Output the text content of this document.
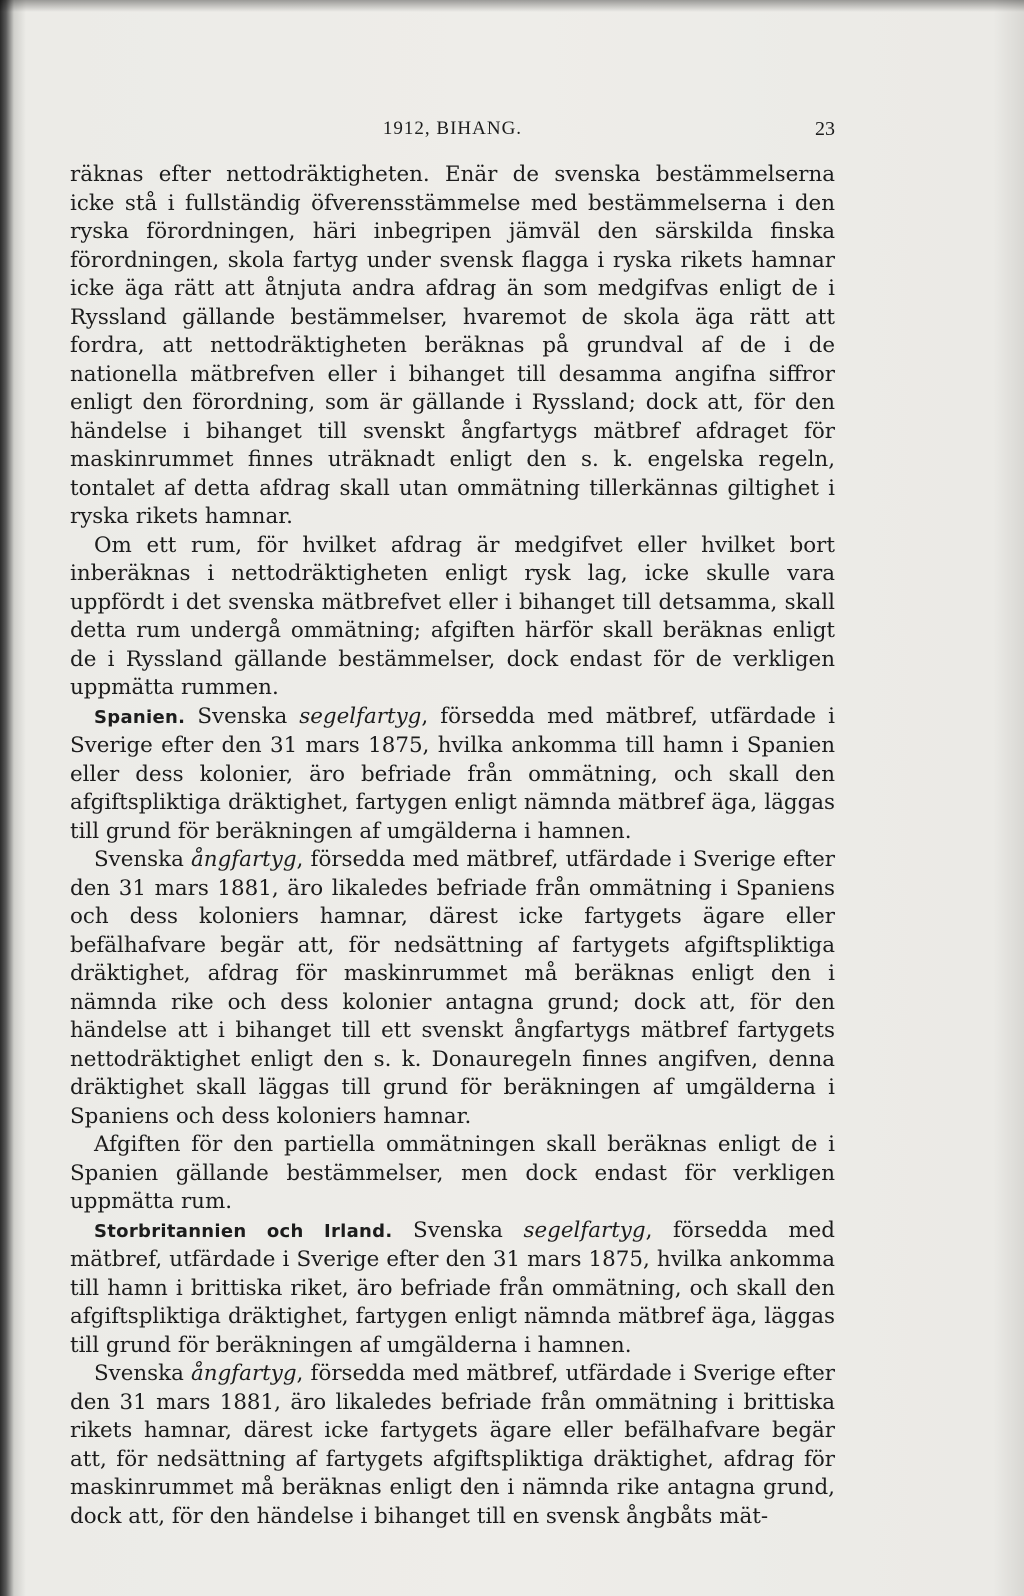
1912, BIHANG.	23

räknas efter nettodräktigheten. Enär de svenska bestämmelserna icke stå i fullständig öfverensstämmelse med bestämmelserna i den ryska förordningen, häri inbegripen jämväl den särskilda finska förordningen, skola fartyg under svensk flagga i ryska rikets hamnar icke äga rätt att åtnjuta andra afdrag än som medgifvas enligt de i Ryssland gällande bestämmelser, hvaremot de skola äga rätt att fordra, att nettodräktigheten beräknas på grundval af de i de nationella mätbrefven eller i bihanget till desamma angifna siffror enligt den förordning, som är gällande i Ryssland; dock att, för den händelse i bihanget till svenskt ångfartygs mätbref afdraget för maskinrummet finnes uträknadt enligt den s. k. engelska regeln, tontalet af detta afdrag skall utan ommätning tillerkännas giltighet i ryska rikets hamnar.

Om ett rum, för hvilket afdrag är medgifvet eller hvilket bort inberäknas i nettodräktigheten enligt rysk lag, icke skulle vara uppfördt i det svenska mätbrefvet eller i bihanget till detsamma, skall detta rum undergå ommätning; afgiften härför skall beräknas enligt de i Ryssland gällande bestämmelser, dock endast för de verkligen uppmätta rummen.

Spanien. Svenska segelfartyg, försedda med mätbref, utfärdade i Sverige efter den 31 mars 1875, hvilka ankomma till hamn i Spanien eller dess kolonier, äro befriade från ommätning, och skall den afgiftspliktiga dräktighet, fartygen enligt nämnda mätbref äga, läggas till grund för beräkningen af umgälderna i hamnen.

Svenska ångfartyg, försedda med mätbref, utfärdade i Sverige efter den 31 mars 1881, äro likaledes befriade från ommätning i Spaniens och dess koloniers hamnar, därest icke fartygets ägare eller befälhafvare begär att, för nedsättning af fartygets afgiftspliktiga dräktighet, afdrag för maskinrummet må beräknas enligt den i nämnda rike och dess kolonier antagna grund; dock att, för den händelse att i bihanget till ett svenskt ångfartygs mätbref fartygets nettodräktighet enligt den s. k. Donauregeln finnes angifven, denna dräktighet skall läggas till grund för beräkningen af umgälderna i Spaniens och dess koloniers hamnar.

Afgiften för den partiella ommätningen skall beräknas enligt de i Spanien gällande bestämmelser, men dock endast för verkligen uppmätta rum.

Storbritannien och Irland. Svenska segelfartyg, försedda med mätbref, utfärdade i Sverige efter den 31 mars 1875, hvilka ankomma till hamn i brittiska riket, äro befriade från ommätning, och skall den afgiftspliktiga dräktighet, fartygen enligt nämnda mätbref äga, läggas till grund för beräkningen af umgälderna i hamnen.

Svenska ångfartyg, försedda med mätbref, utfärdade i Sverige efter den 31 mars 1881, äro likaledes befriade från ommätning i brittiska rikets hamnar, därest icke fartygets ägare eller befälhafvare begär att, för nedsättning af fartygets afgiftspliktiga dräktighet, afdrag för maskinrummet må beräknas enligt den i nämnda rike antagna grund, dock att, för den händelse i bihanget till en svensk ångbåts mät-
